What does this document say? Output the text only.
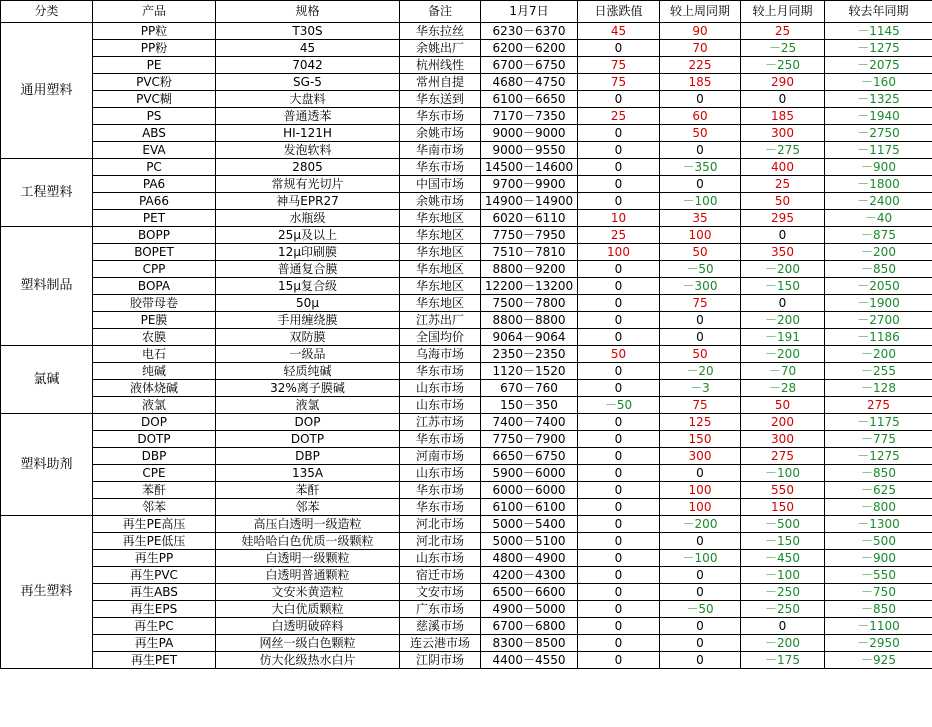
分类	产品	规格	备注	1月7日	日涨跌值	较上周同期	较上月同期	较去年同期
通用塑料	PP粒	T30S	华东拉丝	6230－6370	45	90	25	－1145
	PP粉	45	余姚出厂	6200－6200	0	70	－25	－1275
	PE	7042	杭州线性	6700－6750	75	225	－250	－2075
	PVC粉	SG-5	常州自提	4680－4750	75	185	290	－160
	PVC糊	大盘料	华东送到	6100－6650	0	0	0	－1325
	PS	普通透苯	华东市场	7170－7350	25	60	185	－1940
	ABS	HI-121H	余姚市场	9000－9000	0	50	300	－2750
	EVA	发泡软料	华南市场	9000－9550	0	0	－275	－1175
工程塑料	PC	2805	华东市场	14500－14600	0	－350	400	－900
	PA6	常规有光切片	中国市场	9700－9900	0	0	25	－1800
	PA66	神马EPR27	余姚市场	14900－14900	0	－100	50	－2400
	PET	水瓶级	华东地区	6020－6110	10	35	295	－40
塑料制品	BOPP	25μ及以上	华东地区	7750－7950	25	100	0	－875
	BOPET	12μ印刷膜	华东地区	7510－7810	100	50	350	－200
	CPP	普通复合膜	华东地区	8800－9200	0	－50	－200	－850
	BOPA	15μ复合级	华东地区	12200－13200	0	－300	－150	－2050
	胶带母卷	50μ	华东地区	7500－7800	0	75	0	－1900
	PE膜	手用缠绕膜	江苏出厂	8800－8800	0	0	－200	－2700
	农膜	双防膜	全国均价	9064－9064	0	0	－191	－1186
氯碱	电石	一级品	乌海市场	2350－2350	50	50	－200	－200
	纯碱	轻质纯碱	华东市场	1120－1520	0	－20	－70	－255
	液体烧碱	32%离子膜碱	山东市场	670－760	0	－3	－28	－128
	液氯	液氯	山东市场	150－350	－50	75	50	275
塑料助剂	DOP	DOP	江苏市场	7400－7400	0	125	200	－1175
	DOTP	DOTP	华东市场	7750－7900	0	150	300	－775
	DBP	DBP	河南市场	6650－6750	0	300	275	－1275
	CPE	135A	山东市场	5900－6000	0	0	－100	－850
	苯酐	苯酐	华东市场	6000－6000	0	100	550	－625
	邻苯	邻苯	华东市场	6100－6100	0	100	150	－800
再生塑料	再生PE高压	高压白透明一级造粒	河北市场	5000－5400	0	－200	－500	－1300
	再生PE低压	娃哈哈白色优质一级颗粒	河北市场	5000－5100	0	0	－150	－500
	再生PP	白透明一级颗粒	山东市场	4800－4900	0	－100	－450	－900
	再生PVC	白透明普通颗粒	宿迁市场	4200－4300	0	0	－100	－550
	再生ABS	文安米黄造粒	文安市场	6500－6600	0	0	－250	－750
	再生EPS	大白优质颗粒	广东市场	4900－5000	0	－50	－250	－850
	再生PC	白透明破碎料	慈溪市场	6700－6800	0	0	0	－1100
	再生PA	网丝一级白色颗粒	连云港市场	8300－8500	0	0	－200	－2950
	再生PET	仿大化级热水白片	江阴市场	4400－4550	0	0	－175	－925
